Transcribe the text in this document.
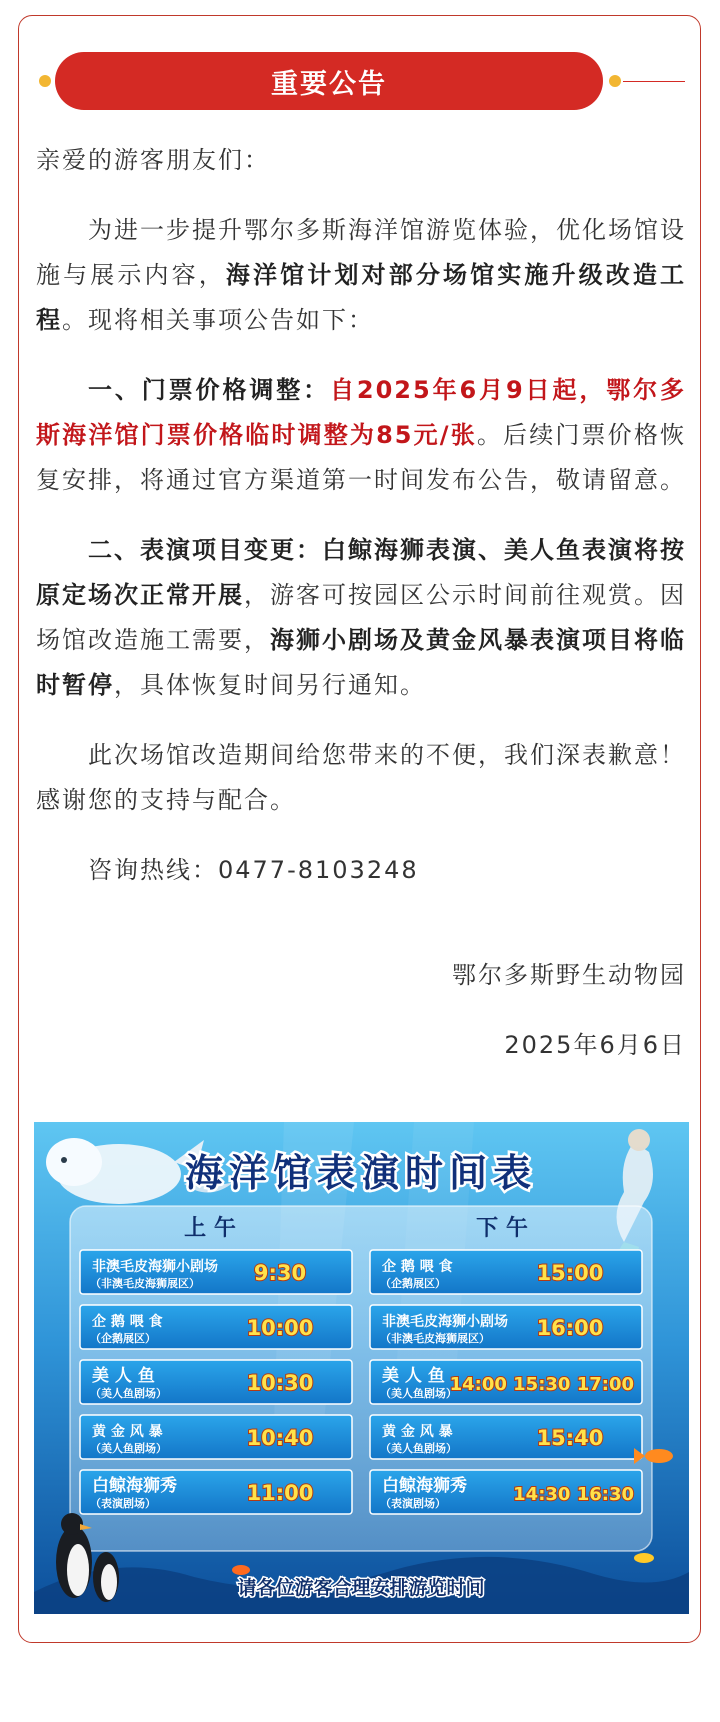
重要公告

亲爱的游客朋友们：

为进一步提升鄂尔多斯海洋馆游览体验，优化场馆设施与展示内容，海洋馆计划对部分场馆实施升级改造工程。现将相关事项公告如下：

一、门票价格调整：自2025年6月9日起，鄂尔多斯海洋馆门票价格临时调整为85元/张。后续门票价格恢复安排，将通过官方渠道第一时间发布公告，敬请留意。

二、表演项目变更：白鲸海狮表演、美人鱼表演将按原定场次正常开展，游客可按园区公示时间前往观赏。因场馆改造施工需要，海狮小剧场及黄金风暴表演项目将临时暂停，具体恢复时间另行通知。

此次场馆改造期间给您带来的不便，我们深表歉意！感谢您的支持与配合。

咨询热线：0477-8103248

鄂尔多斯野生动物园

2025年6月6日

海洋馆表演时间表
上 午	下 午
非澳毛皮海狮小剧场
（非澳毛皮海狮展区）	9:30
企 鹅 喂 食
（企鹅展区）	10:00
美 人 鱼
（美人鱼剧场）	10:30
黄 金 风 暴
（美人鱼剧场）	10:40
白鲸海狮秀
（表演剧场）	11:00
企 鹅 喂 食
（企鹅展区）	15:00
非澳毛皮海狮小剧场
（非澳毛皮海狮展区） 16:00
美 人 鱼
（美人鱼剧场）
14:00 15:30 17:00
黄 金 风 暴
（美人鱼剧场）	15:40
白鲸海狮秀
（表演剧场）	14:30 16:30
请各位游客合理安排游览时间
